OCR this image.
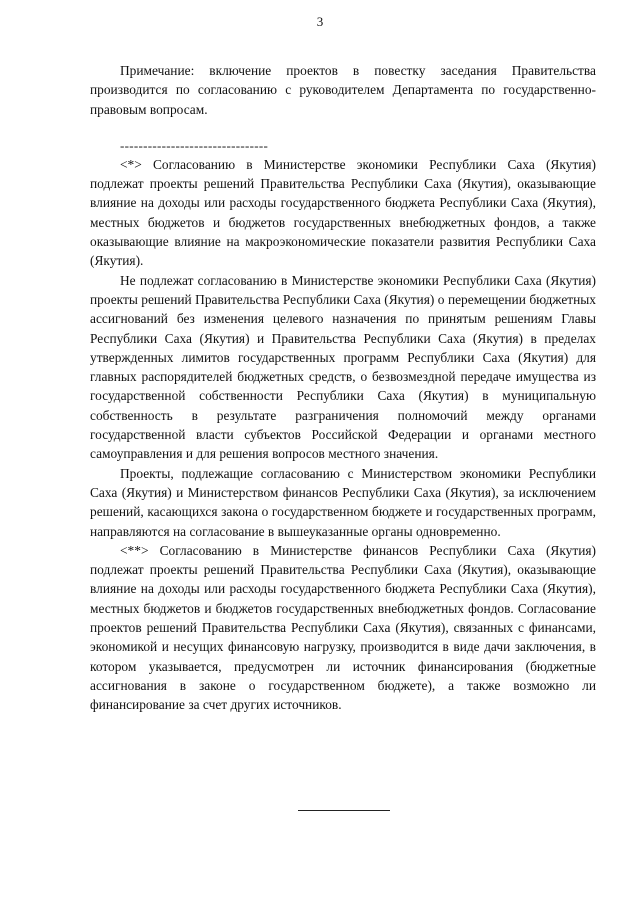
3

Примечание: включение проектов в повестку заседания Правительства производится по согласованию с руководителем Департамента по государственно-правовым вопросам.

--------------------------------

<*> Согласованию в Министерстве экономики Республики Саха (Якутия) подлежат проекты решений Правительства Республики Саха (Якутия), оказывающие влияние на доходы или расходы государственного бюджета Республики Саха (Якутия), местных бюджетов и бюджетов государственных внебюджетных фондов, а также оказывающие влияние на макроэкономические показатели развития Республики Саха (Якутия).

Не подлежат согласованию в Министерстве экономики Республики Саха (Якутия) проекты решений Правительства Республики Саха (Якутия) о перемещении бюджетных ассигнований без изменения целевого назначения по принятым решениям Главы Республики Саха (Якутия) и Правительства Республики Саха (Якутия) в пределах утвержденных лимитов государственных программ Республики Саха (Якутия) для главных распорядителей бюджетных средств, о безвозмездной передаче имущества из государственной собственности Республики Саха (Якутия) в муниципальную собственность в результате разграничения полномочий между органами государственной власти субъектов Российской Федерации и органами местного самоуправления и для решения вопросов местного значения.

Проекты, подлежащие согласованию с Министерством экономики Республики Саха (Якутия) и Министерством финансов Республики Саха (Якутия), за исключением решений, касающихся закона о государственном бюджете и государственных программ, направляются на согласование в вышеуказанные органы одновременно.

<**> Согласованию в Министерстве финансов Республики Саха (Якутия) подлежат проекты решений Правительства Республики Саха (Якутия), оказывающие влияние на доходы или расходы государственного бюджета Республики Саха (Якутия), местных бюджетов и бюджетов государственных внебюджетных фондов. Согласование проектов решений Правительства Республики Саха (Якутия), связанных с финансами, экономикой и несущих финансовую нагрузку, производится в виде дачи заключения, в котором указывается, предусмотрен ли источник финансирования (бюджетные ассигнования в законе о государственном бюджете), а также возможно ли финансирование за счет других источников.
